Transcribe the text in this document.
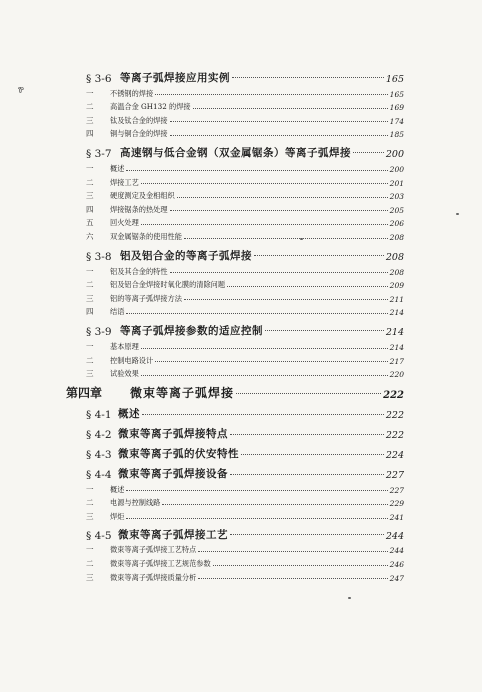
Ꮘ
§ 3-6 等离子弧焊接应用实例	165
一	不锈钢的焊接	165
二	高温合金 GH132 的焊接	169
三	钛及钛合金的焊接	174
四	铜与铜合金的焊接	185
§ 3-7 高速钢与低合金钢（双金属锯条）等离子弧焊接	200
一	概述	200
二	焊接工艺	201
三	硬度测定及金相组织	203
四	焊接锯条的热处理	205
五	回火处理	206
六	双金属锯条的使用性能	208
§ 3-8 铝及铝合金的等离子弧焊接	208
一	铝及其合金的特性	208
二	铝及铝合金焊接时氧化膜的清除问题	209
三	铝的等离子弧焊接方法	211
四	结语	214
§ 3-9 等离子弧焊接参数的适应控制	214
一	基本原理	214
二	控制电路设计	217
三	试验效果	220
第四章	微束等离子弧焊接	222
§ 4-1 概述	222
§ 4-2 微束等离子弧焊接特点	222
§ 4-3 微束等离子弧的伏安特性	224
§ 4-4 微束等离子弧焊接设备	227
一	概述	227
二	电源与控制线路	229
三	焊炬	241
§ 4-5 微束等离子弧焊接工艺	244
一	微束等离子弧焊接工艺特点	244
二	微束等离子弧焊接工艺规范参数	246
三	微束等离子弧焊接质量分析	247
